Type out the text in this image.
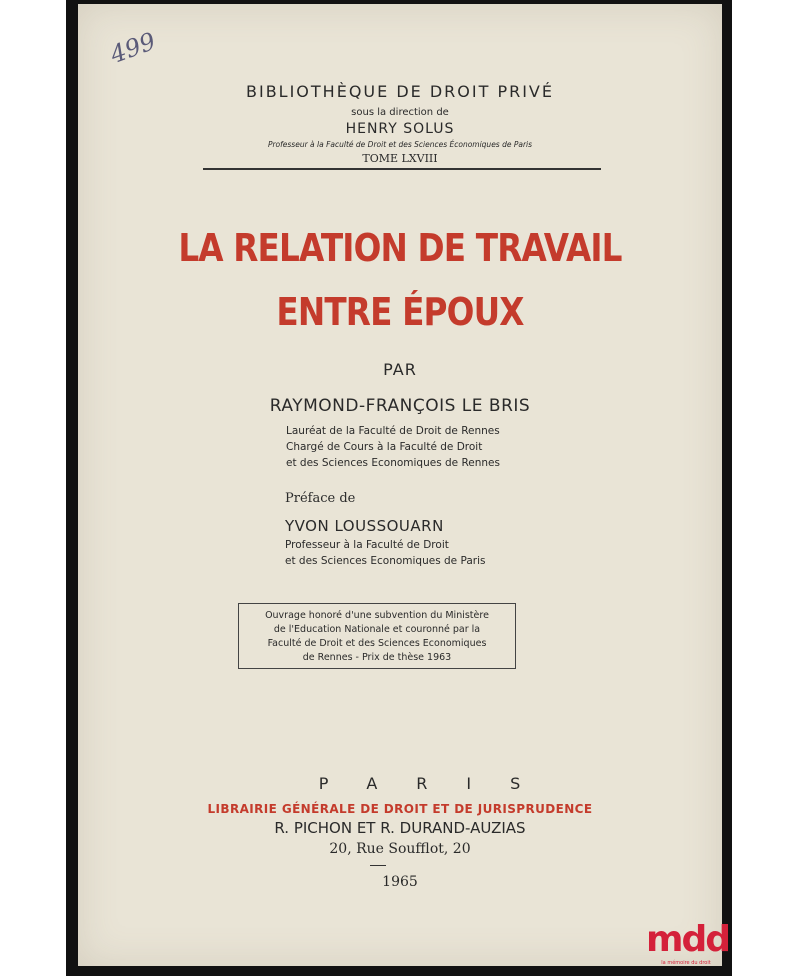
499
BIBLIOTHÈQUE DE DROIT PRIVÉ
sous la direction de
HENRY SOLUS
Professeur à la Faculté de Droit et des Sciences Économiques de Paris
TOME LXVIII
LA RELATION DE TRAVAIL
ENTRE ÉPOUX
PAR
RAYMOND-FRANÇOIS LE BRIS
Lauréat de la Faculté de Droit de Rennes
Chargé de Cours à la Faculté de Droit
et des Sciences Economiques de Rennes
Préface de
YVON LOUSSOUARN
Professeur à la Faculté de Droit
et des Sciences Economiques de Paris
Ouvrage honoré d'une subvention du Ministère
de l'Education Nationale et couronné par la
Faculté de Droit et des Sciences Economiques
de Rennes - Prix de thèse 1963
PARIS
LIBRAIRIE GÉNÉRALE DE DROIT ET DE JURISPRUDENCE
R. PICHON ET R. DURAND-AUZIAS
20, Rue Soufflot, 20
1965
mdd
la mémoire du droit
